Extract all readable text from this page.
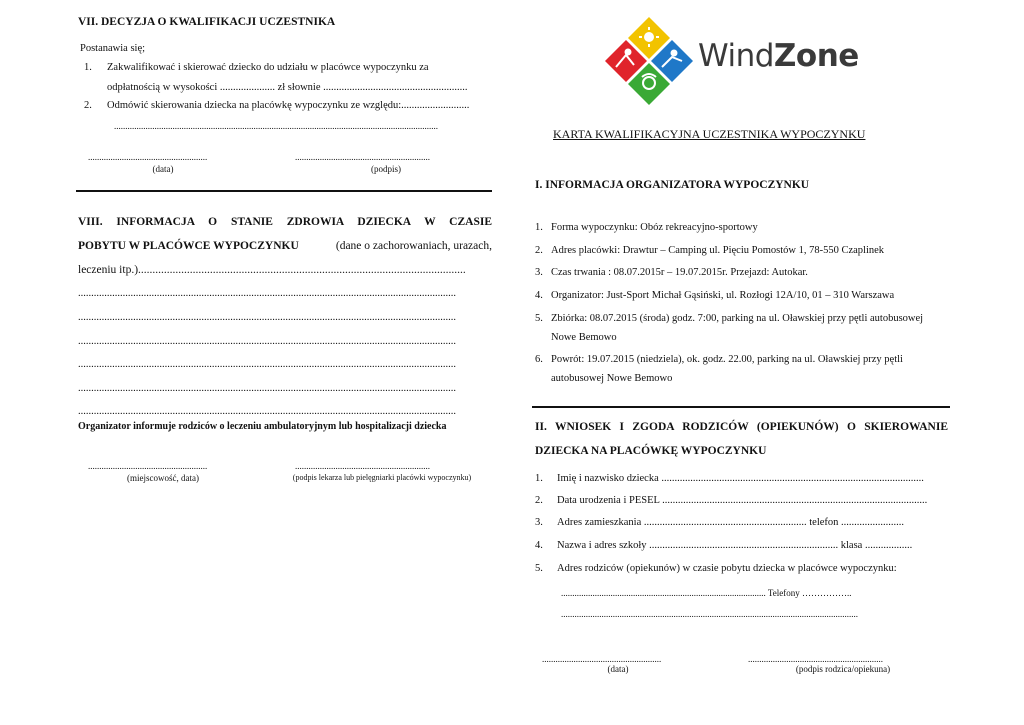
VII. DECYZJA O KWALIFIKACJI UCZESTNIKA
Postanawia się;
1. Zakwalifikować i skierować dziecko do udziału w placówce wypoczynku za
odpłatnością w wysokości ..................... zł słownie .......................................................
2. Odmówić skierowania dziecka na placówkę wypoczynku ze względu:..........................
................................................................................................................................................
.....................................................	............................................................
(data)	(podpis)
VIII. INFORMACJA O STANIE ZDROWIA DZIECKA W CZASIE
POBYTU W PLACÓWCE WYPOCZYNKU	(dane o zachorowaniach, urazach,
leczeniu itp.)..................................................................................................................
................................................................................................................................................
................................................................................................................................................
................................................................................................................................................
................................................................................................................................................
................................................................................................................................................
................................................................................................................................................
Organizator informuje rodziców o leczeniu ambulatoryjnym lub hospitalizacji dziecka
.....................................................	............................................................
(miejscowość, data)	(podpis lekarza lub pielęgniarki placówki wypoczynku)
WindZone
KARTA KWALIFIKACYJNA UCZESTNIKA WYPOCZYNKU
I. INFORMACJA ORGANIZATORA WYPOCZYNKU
1. Forma wypoczynku: Obóz rekreacyjno-sportowy
2. Adres placówki: Drawtur – Camping ul. Pięciu Pomostów 1, 78-550 Czaplinek
3. Czas trwania : 08.07.2015r – 19.07.2015r. Przejazd: Autokar.
4. Organizator: Just-Sport Michał Gąsiński, ul. Rozłogi 12A/10, 01 – 310 Warszawa
5. Zbiórka: 08.07.2015 (środa) godz. 7:00, parking na ul. Oławskiej przy pętli autobusowej
Nowe Bemowo
6. Powrót: 19.07.2015 (niedziela), ok. godz. 22.00, parking na ul. Oławskiej przy pętli
autobusowej Nowe Bemowo
II. WNIOSEK I ZGODA RODZICÓW (OPIEKUNÓW) O SKIEROWANIE
DZIECKA NA PLACÓWKĘ WYPOCZYNKU
1. Imię i nazwisko dziecka ....................................................................................................
2. Data urodzenia i PESEL .....................................................................................................
3. Adres zamieszkania .............................................................. telefon ........................
4. Nazwa i adres szkoły ........................................................................ klasa ..................
5. Adres rodziców (opiekunów) w czasie pobytu dziecka w placówce wypoczynku:
........................................................................................... Telefony ……………..
....................................................................................................................................
.....................................................	............................................................
(data)	(podpis rodzica/opiekuna)
